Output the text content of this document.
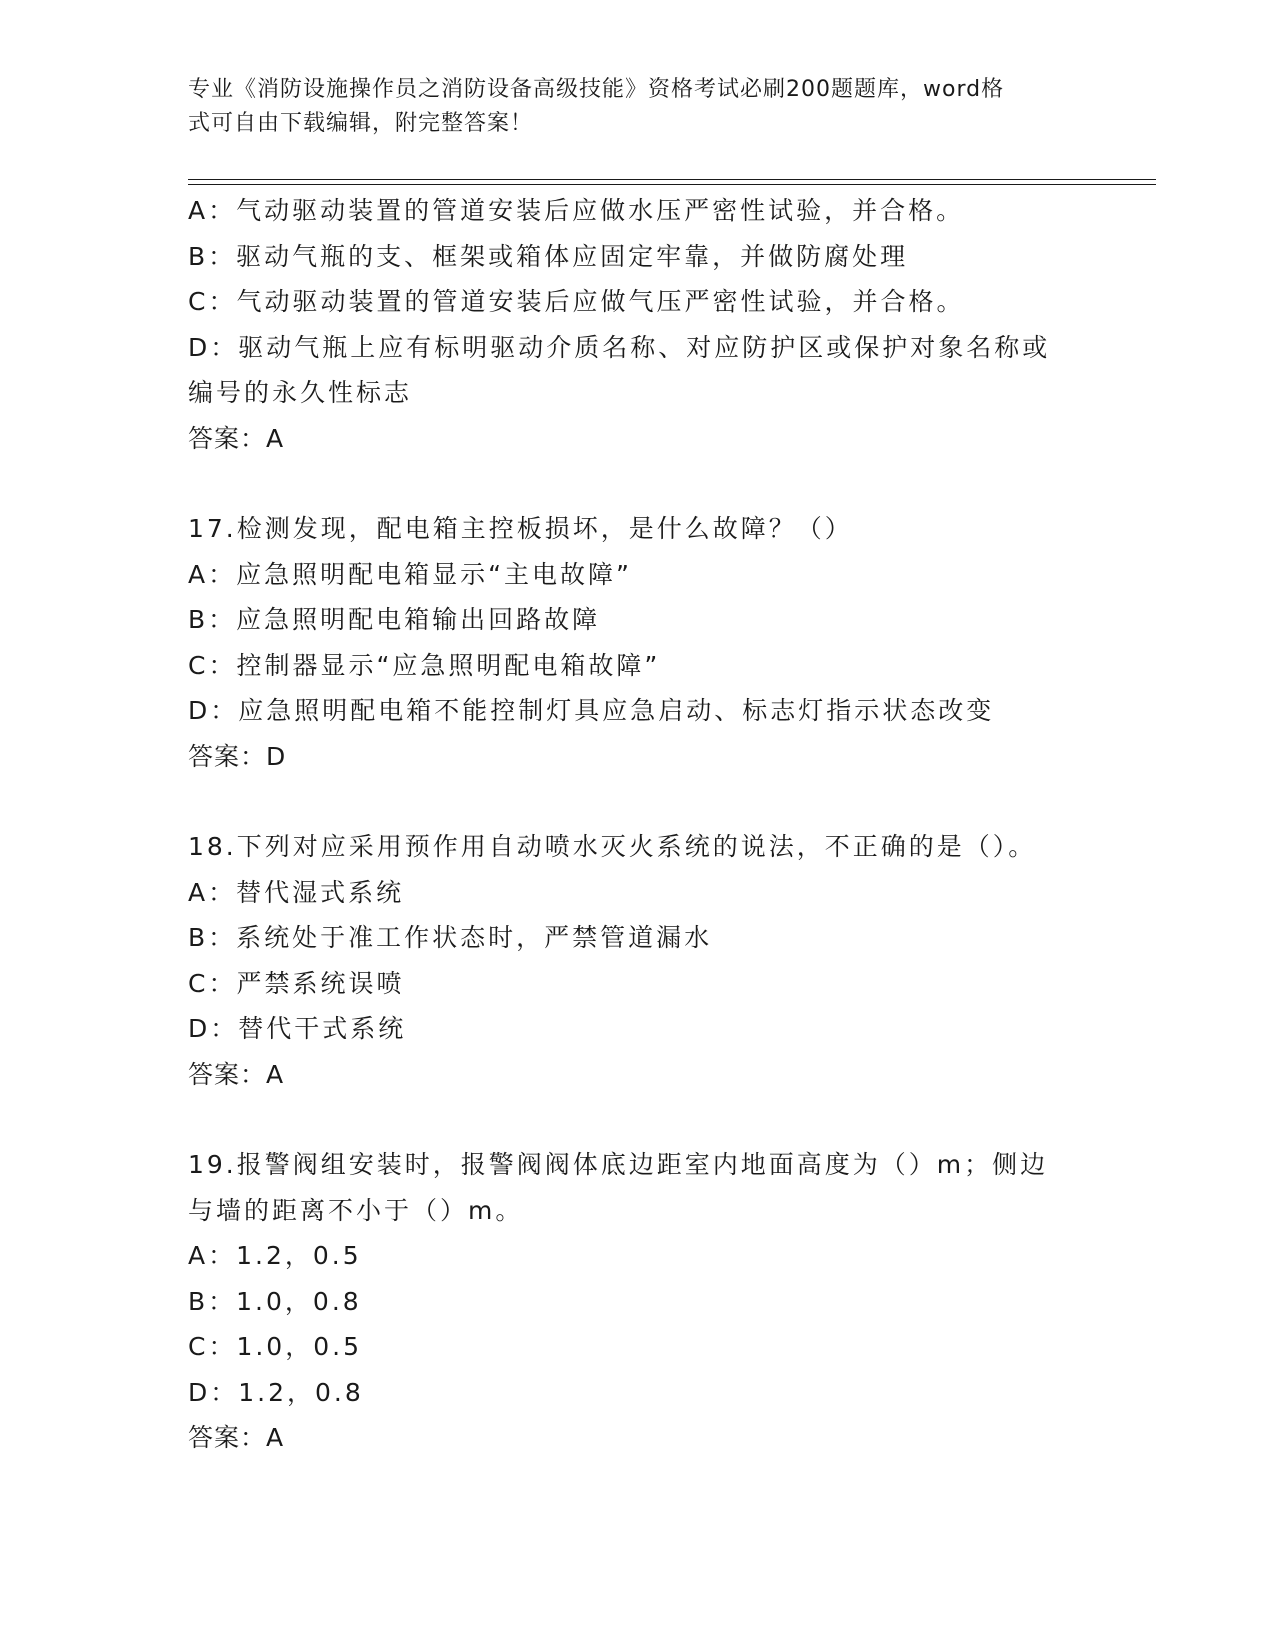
专业《消防设施操作员之消防设备高级技能》资格考试必刷200题题库，word格
式可自由下载编辑，附完整答案！
A：气动驱动装置的管道安装后应做水压严密性试验，并合格。
B：驱动气瓶的支、框架或箱体应固定牢靠，并做防腐处理
C：气动驱动装置的管道安装后应做气压严密性试验，并合格。
D：驱动气瓶上应有标明驱动介质名称、对应防护区或保护对象名称或
编号的永久性标志
答案：A
17.检测发现，配电箱主控板损坏，是什么故障？（）
A：应急照明配电箱显示“主电故障”
B：应急照明配电箱输出回路故障
C：控制器显示“应急照明配电箱故障”
D：应急照明配电箱不能控制灯具应急启动、标志灯指示状态改变
答案：D
18.下列对应采用预作用自动喷水灭火系统的说法，不正确的是（）。
A：替代湿式系统
B：系统处于准工作状态时，严禁管道漏水
C：严禁系统误喷
D：替代干式系统
答案：A
19.报警阀组安装时，报警阀阀体底边距室内地面高度为（）m；侧边
与墙的距离不小于（）m。
A：1.2，0.5
B：1.0，0.8
C：1.0，0.5
D：1.2，0.8
答案：A
